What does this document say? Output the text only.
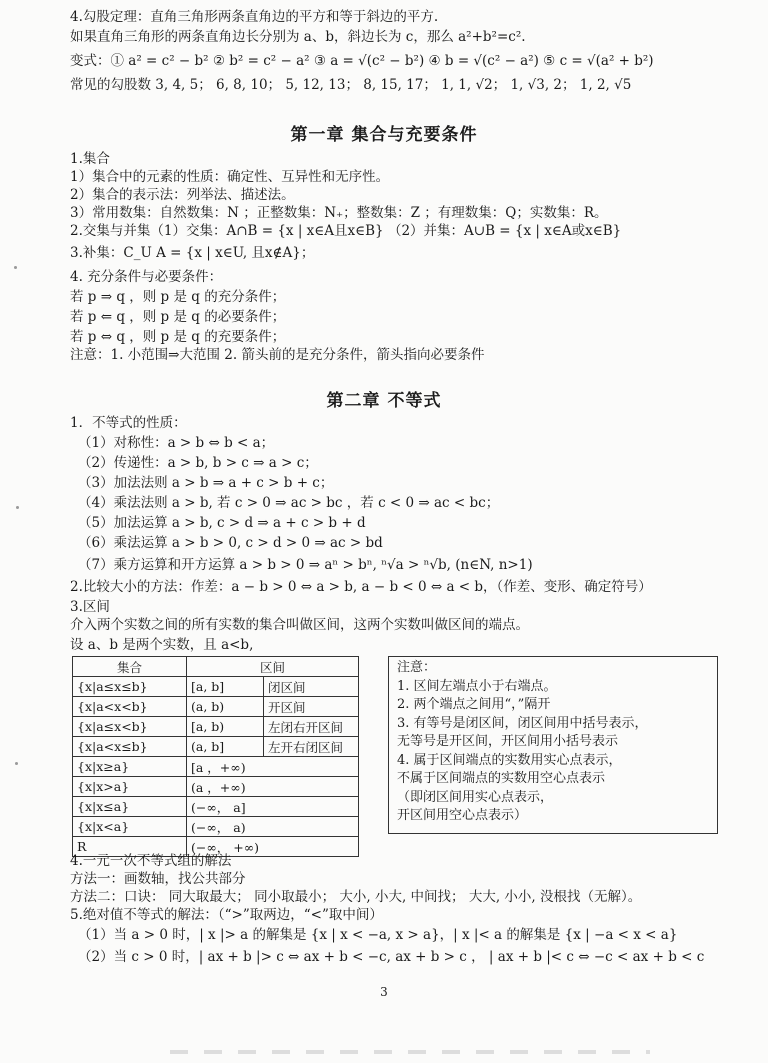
4.勾股定理：直角三角形两条直角边的平方和等于斜边的平方.
如果直角三角形的两条直角边长分别为 a、b，斜边长为 c，那么 a²+b²=c².
变式：① a² = c² − b² ② b² = c² − a² ③ a = √(c² − b²) ④ b = √(c² − a²) ⑤ c = √(a² + b²)
常见的勾股数 3, 4, 5； 6, 8, 10； 5, 12, 13； 8, 15, 17； 1, 1, √2； 1, √3, 2； 1, 2, √5
第一章 集合与充要条件
1.集合
1）集合中的元素的性质：确定性、互异性和无序性。
2）集合的表示法：列举法、描述法。
3）常用数集：自然数集：N ；正整数集：N₊；整数集：Z ；有理数集：Q；实数集：R。
2.交集与并集（1）交集：A∩B = {x | x∈A且x∈B} （2）并集：A∪B = {x | x∈A或x∈B}
3.补集：C_U A = {x | x∈U, 且x∉A}；
4. 充分条件与必要条件：
若 p ⇒ q ，则 p 是 q 的充分条件；
若 p ⇐ q ，则 p 是 q 的必要条件；
若 p ⇔ q ，则 p 是 q 的充要条件；
注意：1. 小范围⇒大范围 2. 箭头前的是充分条件，箭头指向必要条件
第二章 不等式
1．不等式的性质：
（1）对称性：a > b ⇔ b < a；
（2）传递性：a > b, b > c ⇒ a > c；
（3）加法法则 a > b ⇒ a + c > b + c；
（4）乘法法则 a > b, 若 c > 0 ⇒ ac > bc ，若 c < 0 ⇒ ac < bc；
（5）加法运算 a > b, c > d ⇒ a + c > b + d
（6）乘法运算 a > b > 0, c > d > 0 ⇒ ac > bd
（7）乘方运算和开方运算 a > b > 0 ⇒ aⁿ > bⁿ, ⁿ√a > ⁿ√b, (n∈N, n>1)
2.比较大小的方法：作差：a − b > 0 ⇔ a > b, a − b < 0 ⇔ a < b，（作差、变形、确定符号）
3.区间
介入两个实数之间的所有实数的集合叫做区间，这两个实数叫做区间的端点。
设 a、b 是两个实数，且 a<b,
集合	区间	
{x|a≤x≤b}	[a, b]	闭区间
{x|a<x<b}	(a, b)	开区间
{x|a≤x<b}	[a, b)	左闭右开区间
{x|a<x≤b}	(a, b]	左开右闭区间
{x|x≥a}	[a ，+∞)	
{x|x>a}	(a ，+∞)	
{x|x≤a}	(−∞， a]	
{x|x<a}	(−∞， a)	
R	(−∞， +∞)	
注意：
1. 区间左端点小于右端点。
2. 两个端点之间用“，”隔开
3. 有等号是闭区间，闭区间用中括号表示，
无等号是开区间，开区间用小括号表示
4. 属于区间端点的实数用实心点表示，
不属于区间端点的实数用空心点表示
（即闭区间用实心点表示，
开区间用空心点表示）
4.一元一次不等式组的解法
方法一：画数轴，找公共部分
方法二：口诀： 同大取最大； 同小取最小； 大小, 小大, 中间找； 大大, 小小, 没根找（无解）。
5.绝对值不等式的解法：（“>”取两边，“<”取中间）
（1）当 a > 0 时，| x |> a 的解集是 {x | x < −a, x > a}，| x |< a 的解集是 {x | −a < x < a}
（2）当 c > 0 时，| ax + b |> c ⇔ ax + b < −c, ax + b > c ， | ax + b |< c ⇔ −c < ax + b < c
3
